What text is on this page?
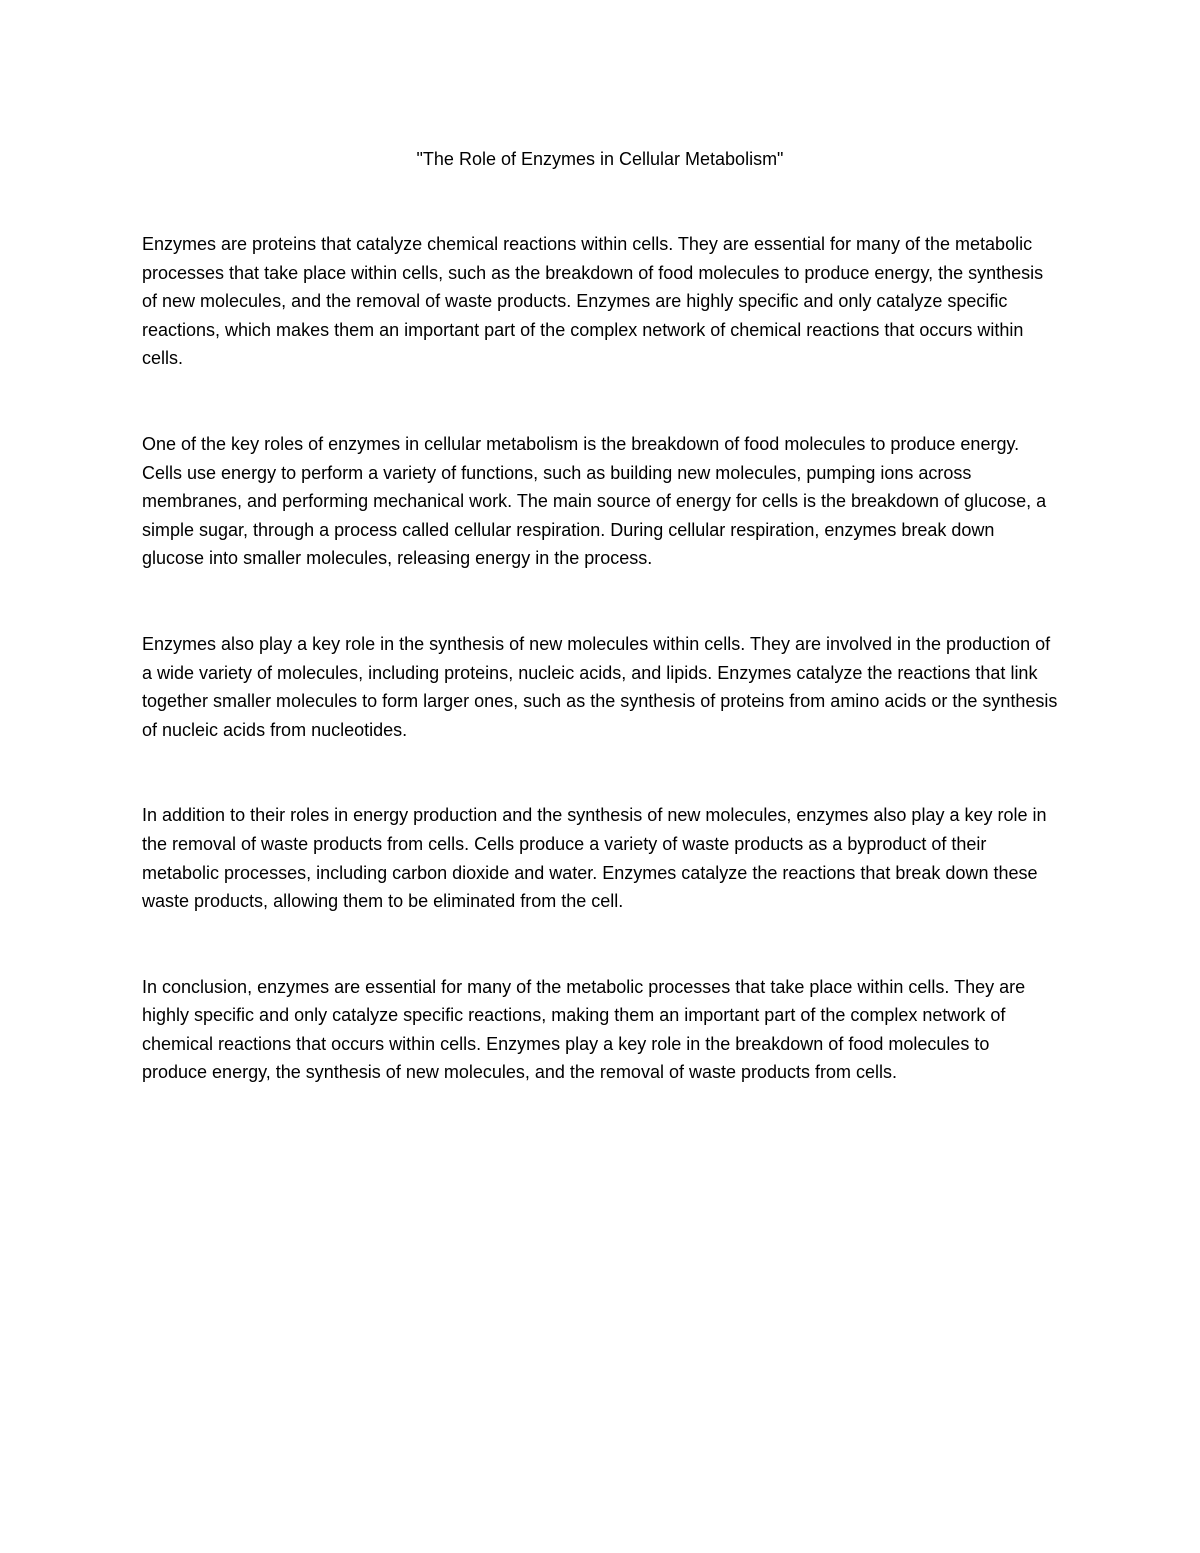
"The Role of Enzymes in Cellular Metabolism"

Enzymes are proteins that catalyze chemical reactions within cells. They are essential for many of the metabolic processes that take place within cells, such as the breakdown of food molecules to produce energy, the synthesis of new molecules, and the removal of waste products. Enzymes are highly specific and only catalyze specific reactions, which makes them an important part of the complex network of chemical reactions that occurs within cells.

One of the key roles of enzymes in cellular metabolism is the breakdown of food molecules to produce energy. Cells use energy to perform a variety of functions, such as building new molecules, pumping ions across membranes, and performing mechanical work. The main source of energy for cells is the breakdown of glucose, a simple sugar, through a process called cellular respiration. During cellular respiration, enzymes break down glucose into smaller molecules, releasing energy in the process.

Enzymes also play a key role in the synthesis of new molecules within cells. They are involved in the production of a wide variety of molecules, including proteins, nucleic acids, and lipids. Enzymes catalyze the reactions that link together smaller molecules to form larger ones, such as the synthesis of proteins from amino acids or the synthesis of nucleic acids from nucleotides.

In addition to their roles in energy production and the synthesis of new molecules, enzymes also play a key role in the removal of waste products from cells. Cells produce a variety of waste products as a byproduct of their metabolic processes, including carbon dioxide and water. Enzymes catalyze the reactions that break down these waste products, allowing them to be eliminated from the cell.

In conclusion, enzymes are essential for many of the metabolic processes that take place within cells. They are highly specific and only catalyze specific reactions, making them an important part of the complex network of chemical reactions that occurs within cells. Enzymes play a key role in the breakdown of food molecules to produce energy, the synthesis of new molecules, and the removal of waste products from cells.
